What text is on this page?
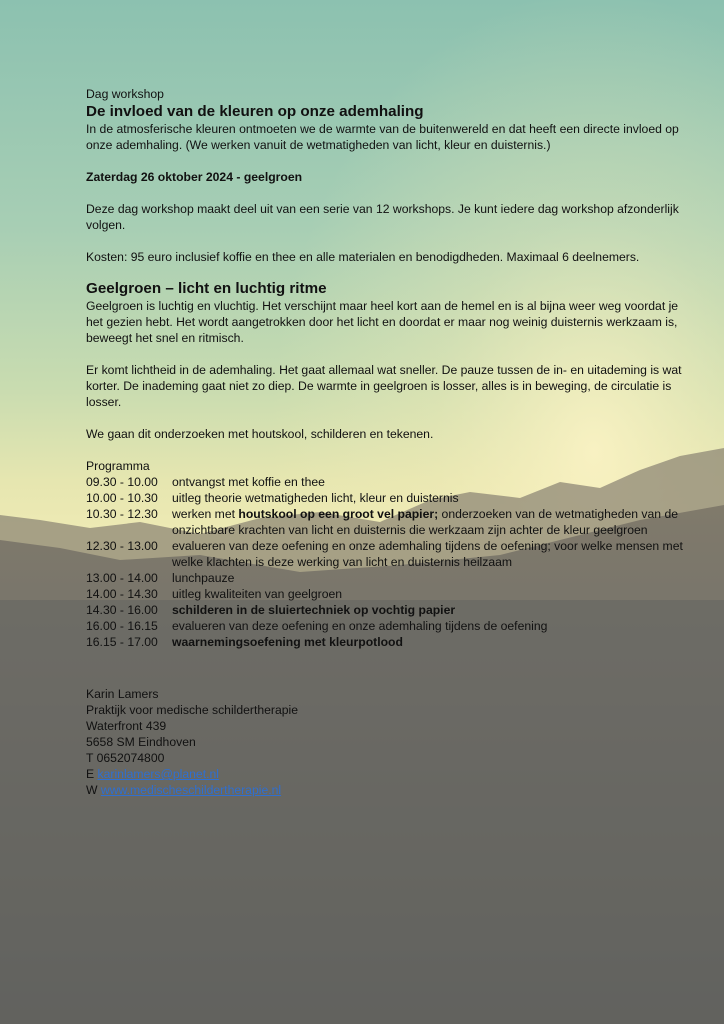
Dag workshop

De invloed van de kleuren op onze ademhaling

In de atmosferische kleuren ontmoeten we de warmte van de buitenwereld en dat heeft een directe invloed op onze ademhaling. (We werken vanuit de wetmatigheden van licht, kleur en duisternis.)

Zaterdag 26 oktober 2024 - geelgroen

Deze dag workshop maakt deel uit van een serie van 12 workshops. Je kunt iedere dag workshop afzonderlijk volgen.

Kosten: 95 euro inclusief koffie en thee en alle materialen en benodigdheden. Maximaal 6 deelnemers.

Geelgroen – licht en luchtig ritme

Geelgroen is luchtig en vluchtig. Het verschijnt maar heel kort aan de hemel en is al bijna weer weg voordat je het gezien hebt. Het wordt aangetrokken door het licht en doordat er maar nog weinig duisternis werkzaam is, beweegt het snel en ritmisch.

Er komt lichtheid in de ademhaling. Het gaat allemaal wat sneller. De pauze tussen de in- en uitademing is wat korter. De inademing gaat niet zo diep. De warmte in geelgroen is losser, alles is in beweging, de circulatie is losser.

We gaan dit onderzoeken met houtskool, schilderen en tekenen.

Programma

09.30 - 10.00	ontvangst met koffie en thee
10.00 - 10.30	uitleg theorie wetmatigheden licht, kleur en duisternis
10.30 - 12.30	werken met houtskool op een groot vel papier; onderzoeken van de wetmatigheden van de onzichtbare krachten van licht en duisternis die werkzaam zijn achter de kleur geelgroen
12.30 - 13.00	evalueren van deze oefening en onze ademhaling tijdens de oefening; voor welke mensen met welke klachten is deze werking van licht en duisternis heilzaam
13.00 - 14.00	lunchpauze
14.00 - 14.30	uitleg kwaliteiten van geelgroen
14.30 - 16.00	schilderen in de sluiertechniek op vochtig papier
16.00 - 16.15	evalueren van deze oefening en onze ademhaling tijdens de oefening
16.15 - 17.00	waarnemingsoefening met kleurpotlood

Karin Lamers

Praktijk voor medische schildertherapie

Waterfront 439

5658 SM Eindhoven

T 0652074800

E karinlamers@planet.nl

W www.medischeschildertherapie.nl
